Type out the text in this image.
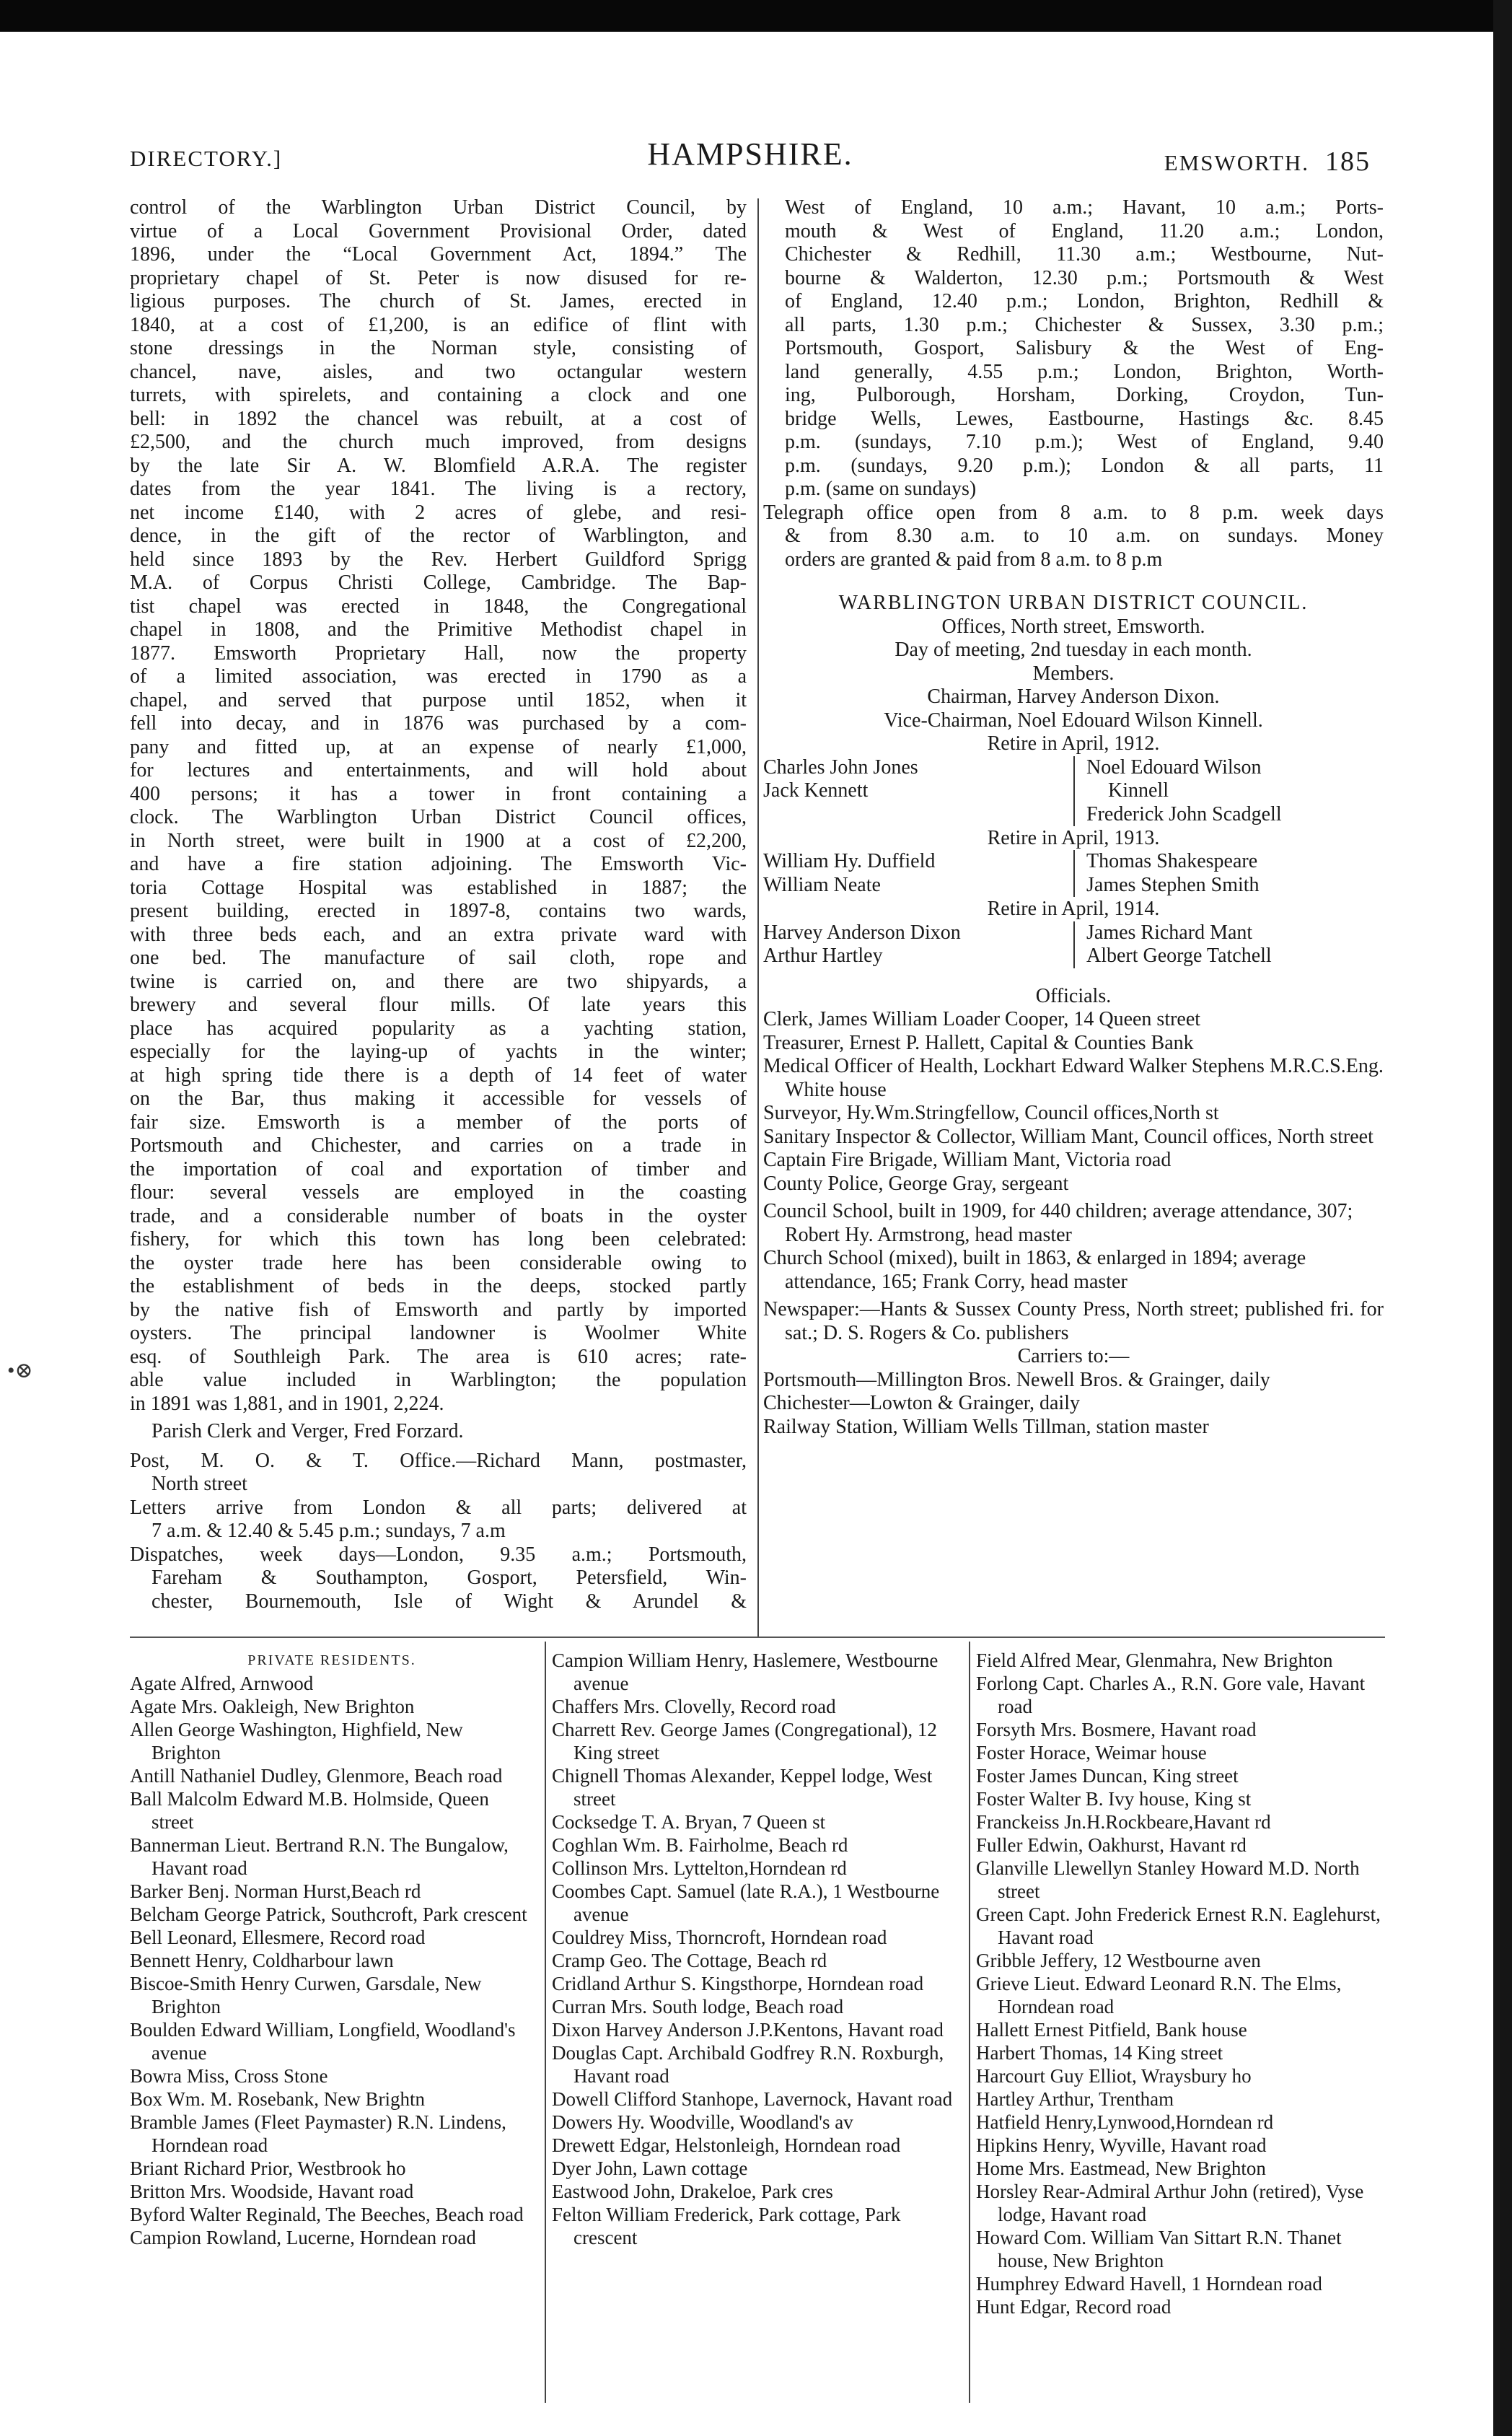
•⊗
DIRECTORY.]	HAMPSHIRE.	EMSWORTH. 185
control of the Warblington Urban District Council, by
virtue of a Local Government Provisional Order, dated
1896, under the “Local Government Act, 1894.” The
proprietary chapel of St. Peter is now disused for re-
ligious purposes. The church of St. James, erected in
1840, at a cost of £1,200, is an edifice of flint with
stone dressings in the Norman style, consisting of
chancel, nave, aisles, and two octangular western
turrets, with spirelets, and containing a clock and one
bell: in 1892 the chancel was rebuilt, at a cost of
£2,500, and the church much improved, from designs
by the late Sir A. W. Blomfield A.R.A. The register
dates from the year 1841. The living is a rectory,
net income £140, with 2 acres of glebe, and resi-
dence, in the gift of the rector of Warblington, and
held since 1893 by the Rev. Herbert Guildford Sprigg
M.A. of Corpus Christi College, Cambridge. The Bap-
tist chapel was erected in 1848, the Congregational
chapel in 1808, and the Primitive Methodist chapel in
1877. Emsworth Proprietary Hall, now the property
of a limited association, was erected in 1790 as a
chapel, and served that purpose until 1852, when it
fell into decay, and in 1876 was purchased by a com-
pany and fitted up, at an expense of nearly £1,000,
for lectures and entertainments, and will hold about
400 persons; it has a tower in front containing a
clock. The Warblington Urban District Council offices,
in North street, were built in 1900 at a cost of £2,200,
and have a fire station adjoining. The Emsworth Vic-
toria Cottage Hospital was established in 1887; the
present building, erected in 1897-8, contains two wards,
with three beds each, and an extra private ward with
one bed. The manufacture of sail cloth, rope and
twine is carried on, and there are two shipyards, a
brewery and several flour mills. Of late years this
place has acquired popularity as a yachting station,
especially for the laying-up of yachts in the winter;
at high spring tide there is a depth of 14 feet of water
on the Bar, thus making it accessible for vessels of
fair size. Emsworth is a member of the ports of
Portsmouth and Chichester, and carries on a trade in
the importation of coal and exportation of timber and
flour: several vessels are employed in the coasting
trade, and a considerable number of boats in the oyster
fishery, for which this town has long been celebrated:
the oyster trade here has been considerable owing to
the establishment of beds in the deeps, stocked partly
by the native fish of Emsworth and partly by imported
oysters. The principal landowner is Woolmer White
esq. of Southleigh Park. The area is 610 acres; rate-
able value included in Warblington; the population
in 1891 was 1,881, and in 1901, 2,224.
Parish Clerk and Verger, Fred Forzard.
Post, M. O. & T. Office.—Richard Mann, postmaster,
North street
Letters arrive from London & all parts; delivered at
7 a.m. & 12.40 & 5.45 p.m.; sundays, 7 a.m
Dispatches, week days—London, 9.35 a.m.; Portsmouth,
Fareham & Southampton, Gosport, Petersfield, Win-
chester, Bournemouth, Isle of Wight & Arundel &
West of England, 10 a.m.; Havant, 10 a.m.; Ports-
mouth & West of England, 11.20 a.m.; London,
Chichester & Redhill, 11.30 a.m.; Westbourne, Nut-
bourne & Walderton, 12.30 p.m.; Portsmouth & West
of England, 12.40 p.m.; London, Brighton, Redhill &
all parts, 1.30 p.m.; Chichester & Sussex, 3.30 p.m.;
Portsmouth, Gosport, Salisbury & the West of Eng-
land generally, 4.55 p.m.; London, Brighton, Worth-
ing, Pulborough, Horsham, Dorking, Croydon, Tun-
bridge Wells, Lewes, Eastbourne, Hastings &c. 8.45
p.m. (sundays, 7.10 p.m.); West of England, 9.40
p.m. (sundays, 9.20 p.m.); London & all parts, 11
p.m. (same on sundays)
Telegraph office open from 8 a.m. to 8 p.m. week days
& from 8.30 a.m. to 10 a.m. on sundays. Money
orders are granted & paid from 8 a.m. to 8 p.m
WARBLINGTON URBAN DISTRICT COUNCIL.
Offices, North street, Emsworth.
Day of meeting, 2nd tuesday in each month.
Members.
Chairman, Harvey Anderson Dixon.
Vice-Chairman, Noel Edouard Wilson Kinnell.
Retire in April, 1912.
Charles John Jones
Jack Kennett
Noel Edouard Wilson
Kinnell
Frederick John Scadgell
Retire in April, 1913.
William Hy. Duffield
William Neate
Thomas Shakespeare
James Stephen Smith
Retire in April, 1914.
Harvey Anderson Dixon
Arthur Hartley
James Richard Mant
Albert George Tatchell
Officials.
Clerk, James William Loader Cooper, 14 Queen street
Treasurer, Ernest P. Hallett, Capital & Counties Bank
Medical Officer of Health, Lockhart Edward Walker Stephens M.R.C.S.Eng. White house
Surveyor, Hy.Wm.Stringfellow, Council offices,North st
Sanitary Inspector & Collector, William Mant, Council offices, North street
Captain Fire Brigade, William Mant, Victoria road
County Police, George Gray, sergeant
Council School, built in 1909, for 440 children; average attendance, 307; Robert Hy. Armstrong, head master
Church School (mixed), built in 1863, & enlarged in 1894; average attendance, 165; Frank Corry, head master
Newspaper:—Hants & Sussex County Press, North street; published fri. for sat.; D. S. Rogers & Co. publishers
Carriers to:—
Portsmouth—Millington Bros. Newell Bros. & Grainger, daily
Chichester—Lowton & Grainger, daily
Railway Station, William Wells Tillman, station master
PRIVATE RESIDENTS.
Agate Alfred, Arnwood
Agate Mrs. Oakleigh, New Brighton
Allen George Washington, Highfield, New Brighton
Antill Nathaniel Dudley, Glenmore, Beach road
Ball Malcolm Edward M.B. Holmside, Queen street
Bannerman Lieut. Bertrand R.N. The Bungalow, Havant road
Barker Benj. Norman Hurst,Beach rd
Belcham George Patrick, Southcroft, Park crescent
Bell Leonard, Ellesmere, Record road
Bennett Henry, Coldharbour lawn
Biscoe-Smith Henry Curwen, Garsdale, New Brighton
Boulden Edward William, Longfield, Woodland's avenue
Bowra Miss, Cross Stone
Box Wm. M. Rosebank, New Brightn
Bramble James (Fleet Paymaster) R.N. Lindens, Horndean road
Briant Richard Prior, Westbrook ho
Britton Mrs. Woodside, Havant road
Byford Walter Reginald, The Beeches, Beach road
Campion Rowland, Lucerne, Horndean road
Campion William Henry, Haslemere, Westbourne avenue
Chaffers Mrs. Clovelly, Record road
Charrett Rev. George James (Congregational), 12 King street
Chignell Thomas Alexander, Keppel lodge, West street
Cocksedge T. A. Bryan, 7 Queen st
Coghlan Wm. B. Fairholme, Beach rd
Collinson Mrs. Lyttelton,Horndean rd
Coombes Capt. Samuel (late R.A.), 1 Westbourne avenue
Couldrey Miss, Thorncroft, Horndean road
Cramp Geo. The Cottage, Beach rd
Cridland Arthur S. Kingsthorpe, Horndean road
Curran Mrs. South lodge, Beach road
Dixon Harvey Anderson J.P.Kentons, Havant road
Douglas Capt. Archibald Godfrey R.N. Roxburgh, Havant road
Dowell Clifford Stanhope, Lavernock, Havant road
Dowers Hy. Woodville, Woodland's av
Drewett Edgar, Helstonleigh, Horndean road
Dyer John, Lawn cottage
Eastwood John, Drakeloe, Park cres
Felton William Frederick, Park cottage, Park crescent
Field Alfred Mear, Glenmahra, New Brighton
Forlong Capt. Charles A., R.N. Gore vale, Havant road
Forsyth Mrs. Bosmere, Havant road
Foster Horace, Weimar house
Foster James Duncan, King street
Foster Walter B. Ivy house, King st
Franckeiss Jn.H.Rockbeare,Havant rd
Fuller Edwin, Oakhurst, Havant rd
Glanville Llewellyn Stanley Howard M.D. North street
Green Capt. John Frederick Ernest R.N. Eaglehurst, Havant road
Gribble Jeffery, 12 Westbourne aven
Grieve Lieut. Edward Leonard R.N. The Elms, Horndean road
Hallett Ernest Pitfield, Bank house
Harbert Thomas, 14 King street
Harcourt Guy Elliot, Wraysbury ho
Hartley Arthur, Trentham
Hatfield Henry,Lynwood,Horndean rd
Hipkins Henry, Wyville, Havant road
Home Mrs. Eastmead, New Brighton
Horsley Rear-Admiral Arthur John (retired), Vyse lodge, Havant road
Howard Com. William Van Sittart R.N. Thanet house, New Brighton
Humphrey Edward Havell, 1 Horndean road
Hunt Edgar, Record road
